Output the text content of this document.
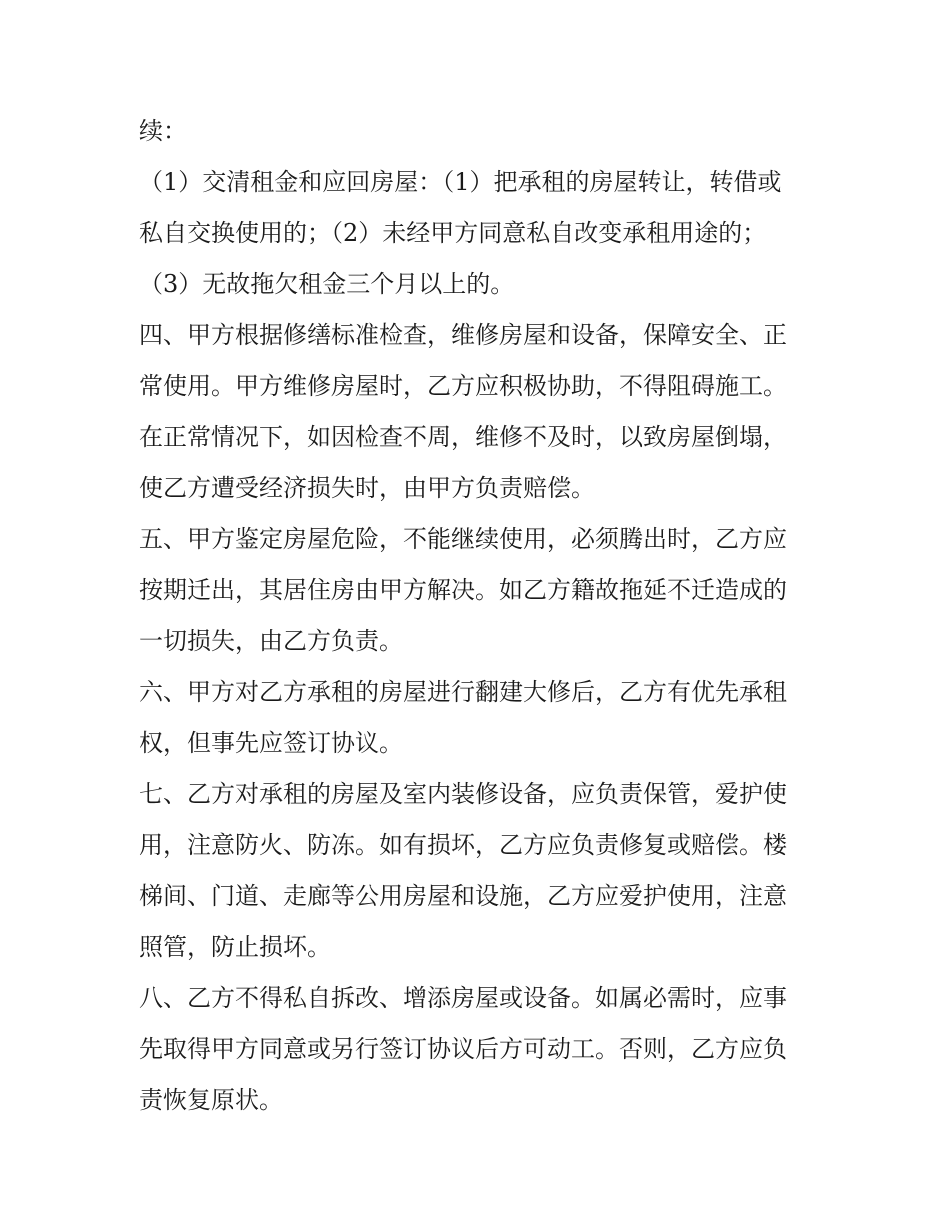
续：
（1）交清租金和应回房屋：（1）把承租的房屋转让，转借或
私自交换使用的；（2）未经甲方同意私自改变承租用途的；
（3）无故拖欠租金三个月以上的。
四、甲方根据修缮标准检查，维修房屋和设备，保障安全、正
常使用。甲方维修房屋时，乙方应积极协助，不得阻碍施工。
在正常情况下，如因检查不周，维修不及时，以致房屋倒塌，
使乙方遭受经济损失时，由甲方负责赔偿。
五、甲方鉴定房屋危险，不能继续使用，必须腾出时，乙方应
按期迁出，其居住房由甲方解决。如乙方籍故拖延不迁造成的
一切损失，由乙方负责。
六、甲方对乙方承租的房屋进行翻建大修后，乙方有优先承租
权，但事先应签订协议。
七、乙方对承租的房屋及室内装修设备，应负责保管，爱护使
用，注意防火、防冻。如有损坏，乙方应负责修复或赔偿。楼
梯间、门道、走廊等公用房屋和设施，乙方应爱护使用，注意
照管，防止损坏。
八、乙方不得私自拆改、增添房屋或设备。如属必需时，应事
先取得甲方同意或另行签订协议后方可动工。否则，乙方应负
责恢复原状。
